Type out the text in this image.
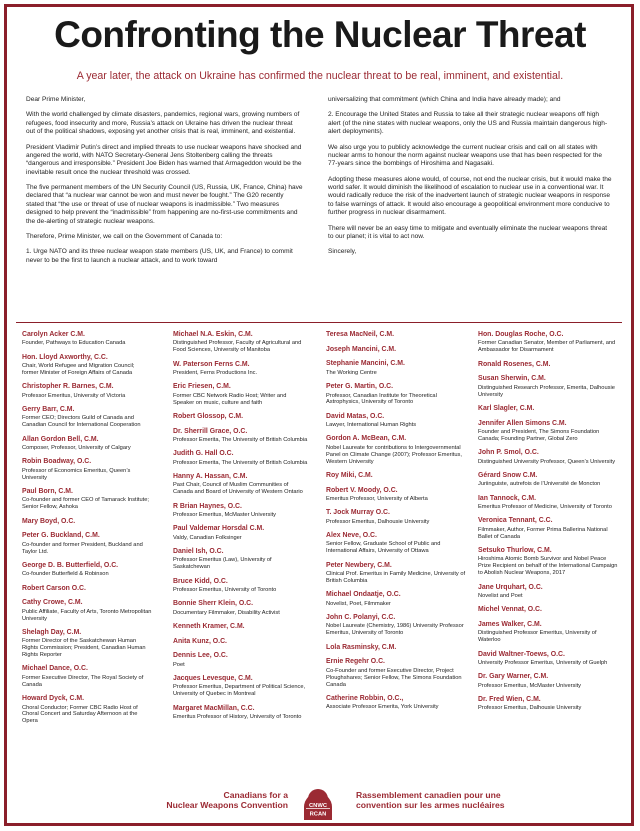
Confronting the Nuclear Threat
A year later, the attack on Ukraine has confirmed the nuclear threat to be real, imminent, and existential.

Dear Prime Minister,

With the world challenged by climate disasters, pandemics, regional wars, growing numbers of refugees, food insecurity and more, Russia’s attack on Ukraine has driven the nuclear threat out of the political shadows, exposing yet another crisis that is real, imminent, and existential.

President Vladimir Putin’s direct and implied threats to use nuclear weapons have shocked and angered the world, with NATO Secretary-General Jens Stoltenberg calling the threats “dangerous and irresponsible.” President Joe Biden has warned that Armageddon would be the inevitable result once the nuclear threshold was crossed.

The five permanent members of the UN Security Council (US, Russia, UK, France, China) have declared that “a nuclear war cannot be won and must never be fought.” The G20 recently stated that “the use or threat of use of nuclear weapons is inadmissible.” Two measures designed to help prevent the “inadmissible” from happening are no-first-use commitments and the de-alerting of strategic nuclear weapons.

Therefore, Prime Minister, we call on the Government of Canada to:

1. Urge NATO and its three nuclear weapon state members (US, UK, and France) to commit never to be the first to launch a nuclear attack, and to work toward

universalizing that commitment (which China and India have already made); and

2. Encourage the United States and Russia to take all their strategic nuclear weapons off high alert (of the nine states with nuclear weapons, only the US and Russia maintain dangerous high-alert deployments).

We also urge you to publicly acknowledge the current nuclear crisis and call on all states with nuclear arms to honour the norm against nuclear weapons use that has been respected for the 77-years since the bombings of Hiroshima and Nagasaki.

Adopting these measures alone would, of course, not end the nuclear crisis, but it would make the world safer. It would diminish the likelihood of escalation to nuclear use in a conventional war. It would radically reduce the risk of the inadvertent launch of strategic nuclear weapons in response to false warnings of attack. It would also encourage a geopolitical environment more conducive to further progress in nuclear disarmament.

There will never be an easy time to mitigate and eventually eliminate the nuclear weapons threat to our planet; it is vital to act now.

Sincerely,

Carolyn Acker C.M.
Founder, Pathways to Education Canada
Hon. Lloyd Axworthy, C.C.
Chair, World Refugee and Migration Council; former Minister of Foreign Affairs of Canada
Christopher R. Barnes, C.M.
Professor Emeritus, University of Victoria
Gerry Barr, C.M.
Former CEO; Directors Guild of Canada and Canadian Council for International Cooperation
Allan Gordon Bell, C.M.
Composer, Professor, University of Calgary
Robin Boadway, O.C.
Professor of Economics Emeritus, Queen’s University
Paul Born, C.M.
Co-founder and former CEO of Tamarack Institute; Senior Fellow, Ashoka
Mary Boyd, O.C.
Peter G. Buckland, C.M.
Co-founder and former President, Buckland and Taylor Ltd.
George D. B. Butterfield, O.C.
Co-founder Butterfield & Robinson
Robert Carson O.C.
Cathy Crowe, C.M.
Public Affiliate, Faculty of Arts, Toronto Metropolitan University
Shelagh Day, C.M.
Former Director of the Saskatchewan Human Rights Commission; President, Canadian Human Rights Reporter
Michael Dance, O.C.
Former Executive Director, The Royal Society of Canada
Howard Dyck, C.M.
Choral Conductor; Former CBC Radio Host of Choral Concert and Saturday Afternoon at the Opera
Michael N.A. Eskin, C.M.
Distinguished Professor, Faculty of Agricultural and Food Sciences, University of Manitoba
W. Paterson Ferns C.M.
President, Ferns Productions Inc.
Eric Friesen, C.M.
Former CBC Network Radio Host; Writer and Speaker on music, culture and faith
Robert Glossop, C.M.
Dr. Sherrill Grace, O.C.
Professor Emerita, The University of British Columbia
Judith G. Hall O.C.
Professor Emerita, The University of British Columbia
Hanny A. Hassan, C.M.
Past Chair, Council of Muslim Communities of Canada and Board of University of Western Ontario
R Brian Haynes, O.C.
Professor Emeritus, McMaster University
Paul Valdemar Horsdal C.M.
Valdy, Canadian Folksinger
Daniel Ish, O.C.
Professor Emeritus (Law), University of Saskatchewan
Bruce Kidd, O.C.
Professor Emeritus, University of Toronto
Bonnie Sherr Klein, O.C.
Documentary Filmmaker, Disability Activist
Kenneth Kramer, C.M.
Anita Kunz, O.C.
Dennis Lee, O.C.
Poet
Jacques Levesque, C.M.
Professor Emeritus, Department of Political Science, University of Quebec in Montreal
Margaret MacMillan, C.C.
Emeritus Professor of History, University of Toronto
Teresa MacNeil, C.M.
Joseph Mancini, C.M.
Stephanie Mancini, C.M.
The Working Centre
Peter G. Martin, O.C.
Professor, Canadian Institute for Theoretical Astrophysics, University of Toronto
David Matas, O.C.
Lawyer, International Human Rights
Gordon A. McBean, C.M.
Nobel Laureate for contributions to Intergovernmental Panel on Climate Change (2007); Professor Emeritus, Western University
Roy Miki, C.M.
Robert V. Moody, O.C.
Emeritus Professor, University of Alberta
T. Jock Murray O.C.
Professor Emeritus, Dalhousie University
Alex Neve, O.C.
Senior Fellow, Graduate School of Public and International Affairs, University of Ottawa
Peter Newbery, C.M.
Clinical Prof. Emeritus in Family Medicine, University of British Columbia
Michael Ondaatje, O.C.
Novelist, Poet, Filmmaker
John C. Polanyi, C.C.
Nobel Laureate (Chemistry, 1986) University Professor Emeritus, University of Toronto
Lola Rasminsky, C.M.
Ernie Regehr O.C.
Co-Founder and former Executive Director, Project Ploughshares; Senior Fellow, The Simons Foundation Canada
Catherine Robbin, O.C.,
Associate Professor Emerita, York University
Hon. Douglas Roche, O.C.
Former Canadian Senator, Member of Parliament, and Ambassador for Disarmament
Ronald Rosenes, C.M.
Susan Sherwin, C.M.
Distinguished Research Professor, Emerita, Dalhousie University
Karl Slagler, C.M.
Jennifer Allen Simons C.M.
Founder and President, The Simons Foundation Canada; Founding Partner, Global Zero
John P. Smol, O.C.
Distinguished University Professor, Queen’s University
Gérard Snow C.M.
Juriinguiste, autrefois de l’Université de Moncton
Ian Tannock, C.M.
Emeritus Professor of Medicine, University of Toronto
Veronica Tennant, C.C.
Filmmaker, Author, Former Prima Ballerina National Ballet of Canada
Setsuko Thurlow, C.M.
Hiroshima Atomic Bomb Survivor and Nobel Peace Prize Recipient on behalf of the International Campaign to Abolish Nuclear Weapons, 2017
Jane Urquhart, O.C.
Novelist and Poet
Michel Vennat, O.C.
James Walker, C.M.
Distinguished Professor Emeritus, University of Waterloo
David Waltner-Toews, O.C.
University Professor Emeritus, University of Guelph
Dr. Gary Warner, C.M.
Professor Emeritus, McMaster University
Dr. Fred Wien, C.M.
Professor Emeritus, Dalhousie University
Canadians for a
Nuclear Weapons Convention	CNWC
RCAN
Rassemblement canadien pour une
convention sur les armes nucléaires
